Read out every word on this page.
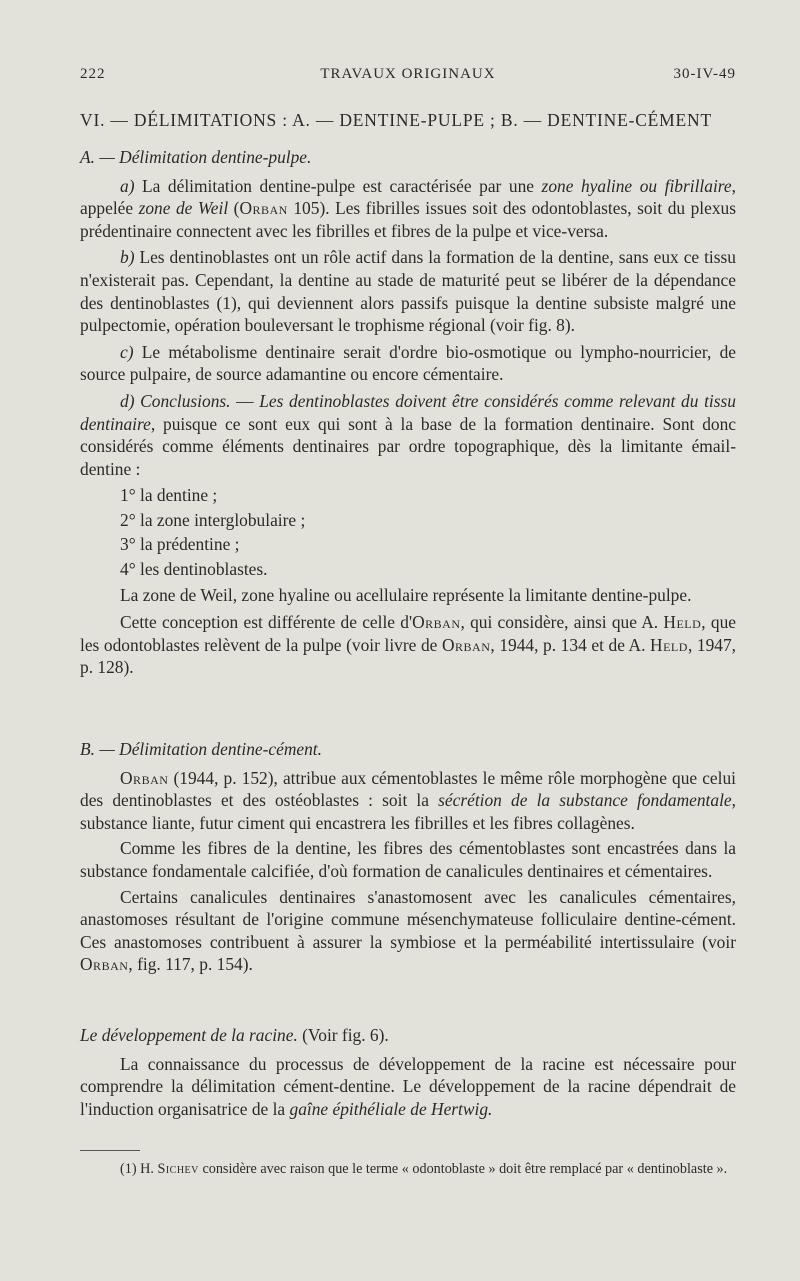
222	TRAVAUX ORIGINAUX	30-IV-49
VI. — DÉLIMITATIONS : A. — DENTINE-PULPE ; B. — DENTINE-CÉMENT

A. — Délimitation dentine-pulpe.

a) La délimitation dentine-pulpe est caractérisée par une zone hyaline ou fibrillaire, appelée zone de Weil (Orban 105). Les fibrilles issues soit des odontoblastes, soit du plexus prédentinaire connectent avec les fibrilles et fibres de la pulpe et vice-versa.

b) Les dentinoblastes ont un rôle actif dans la formation de la dentine, sans eux ce tissu n'existerait pas. Cependant, la dentine au stade de maturité peut se libérer de la dépendance des dentinoblastes (1), qui deviennent alors passifs puisque la dentine subsiste malgré une pulpectomie, opération bouleversant le trophisme régional (voir fig. 8).

c) Le métabolisme dentinaire serait d'ordre bio-osmotique ou lympho-nourricier, de source pulpaire, de source adamantine ou encore cémentaire.

d) Conclusions. — Les dentinoblastes doivent être considérés comme relevant du tissu dentinaire, puisque ce sont eux qui sont à la base de la formation dentinaire. Sont donc considérés comme éléments dentinaires par ordre topographique, dès la limitante émail-dentine :

1° la dentine ;

2° la zone interglobulaire ;

3° la prédentine ;

4° les dentinoblastes.

La zone de Weil, zone hyaline ou acellulaire représente la limitante dentine-pulpe.

Cette conception est différente de celle d'Orban, qui considère, ainsi que A. Held, que les odontoblastes relèvent de la pulpe (voir livre de Orban, 1944, p. 134 et de A. Held, 1947, p. 128).

B. — Délimitation dentine-cément.

Orban (1944, p. 152), attribue aux cémentoblastes le même rôle morphogène que celui des dentinoblastes et des ostéoblastes : soit la sécrétion de la substance fondamentale, substance liante, futur ciment qui encastrera les fibrilles et les fibres collagènes.

Comme les fibres de la dentine, les fibres des cémentoblastes sont encastrées dans la substance fondamentale calcifiée, d'où formation de canalicules dentinaires et cémentaires.

Certains canalicules dentinaires s'anastomosent avec les canalicules cémentaires, anastomoses résultant de l'origine commune mésenchymateuse folliculaire dentine-cément. Ces anastomoses contribuent à assurer la symbiose et la perméabilité intertissulaire (voir Orban, fig. 117, p. 154).

Le développement de la racine. (Voir fig. 6).

La connaissance du processus de développement de la racine est nécessaire pour comprendre la délimitation cément-dentine. Le développement de la racine dépendrait de l'induction organisatrice de la gaîne épithéliale de Hertwig.

(1) H. Sichev considère avec raison que le terme « odontoblaste » doit être remplacé par « dentinoblaste ».
